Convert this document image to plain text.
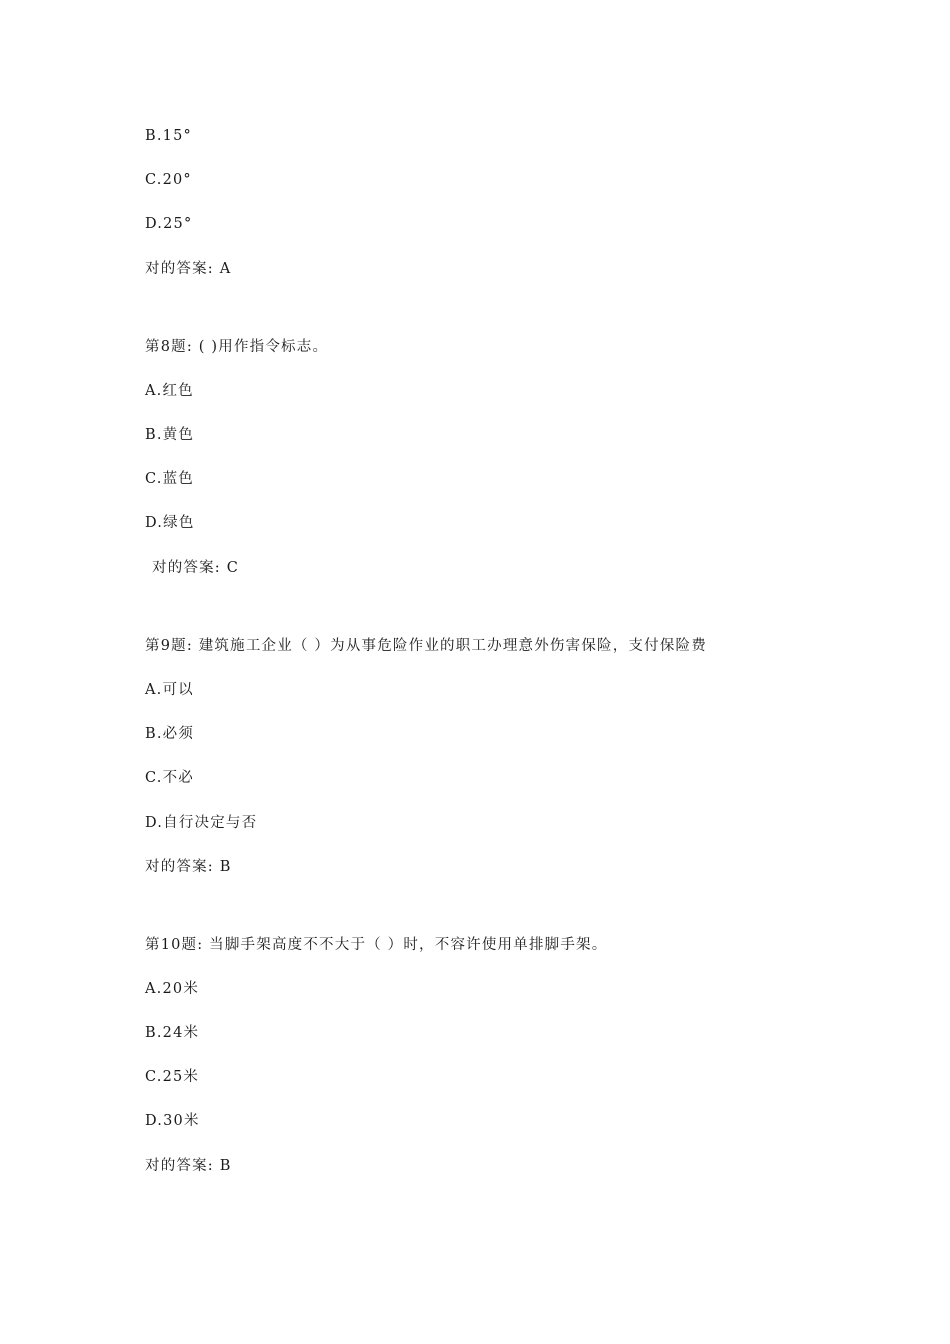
B.15°
C.20°
D.25°
对的答案: A
第8题: ( )用作指令标志。
A.红色
B.黄色
C.蓝色
D.绿色
对的答案: C
第9题: 建筑施工企业（ ）为从事危险作业的职工办理意外伤害保险，支付保险费
A.可以
B.必须
C.不必
D.自行决定与否
对的答案: B
第10题: 当脚手架高度不不大于（ ）时，不容许使用单排脚手架。
A.20米
B.24米
C.25米
D.30米
对的答案: B
